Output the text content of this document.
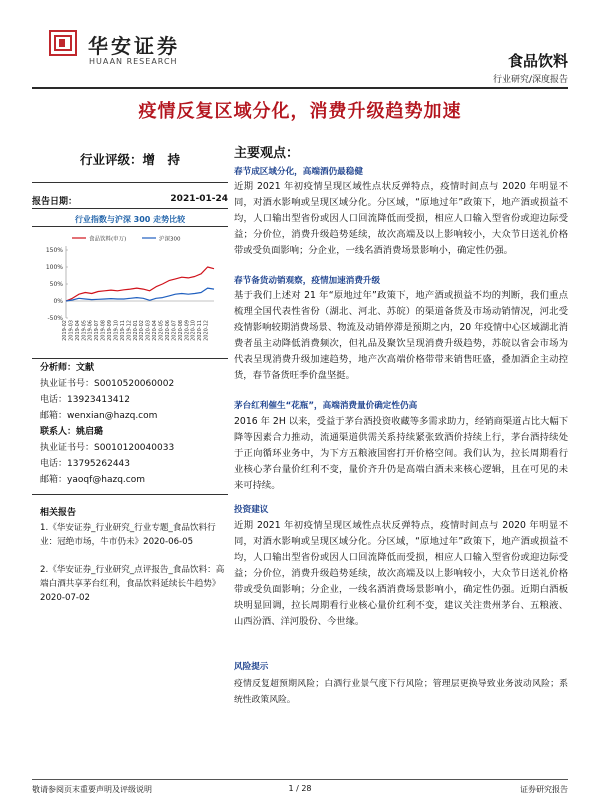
华安证券
HUAAN RESEARCH	食品饮料
行业研究/深度报告
疫情反复区域分化，消费升级趋势加速
行业评级：增　持
报告日期：	2021-01-24
行业指数与沪深 300 走势比较
食品饮料(申万)	沪深300
150%
100%
50%
0%
-50%
2019-02 2019-03 2019-04 2019-05 2019-06 2019-07 2019-08 2019-09 2019-10 2019-11 2019-12 2020-01 2020-02 2020-03 2020-04 2020-05 2020-06 2020-07 2020-08 2020-09 2020-10 2020-11 2020-12
分析师：文献
执业证书号：S0010520060002
电话：13923413412
邮箱：wenxian@hazq.com
联系人：姚启璐
执业证书号：S0010120040033
电话：13795262443
邮箱：yaoqf@hazq.com
相关报告
1.《华安证券_行业研究_行业专题_食品饮料行业：冠绝市场，牛市仍未》2020-06-05
2.《华安证券_行业研究_点评报告_食品饮料：高端白酒共享茅台红利，食品饮料延续长牛趋势》2020-07-02
主要观点：
春节成区域分化，高端酒仍最稳健
近期 2021 年初疫情呈现区域性点状反弹特点，疫情时间点与 2020 年明显不同，对酒水影响或呈现区域分化。分区域，“原地过年”政策下，地产酒或损益不均，人口输出型省份或因人口回流降低而受损，相应人口输入型省份或迎边际受益；分价位，消费升级趋势延续，故次高端及以上影响较小，大众节日送礼价格带或受负面影响；分企业，一线名酒消费场景影响小，确定性仍强。
春节备货动销观察，疫情加速消费升级
基于我们上述对 21 年“原地过年”政策下，地产酒或损益不均的判断，我们重点梳理全国代表性省份（湖北、河北、苏皖）的渠道备货及市场动销情况，河北受疫情影响较期消费场景、物流及动销停滞是预期之内，20 年疫情中心区域湖北消费者虽主动降低消费频次，但礼品及聚饮呈现消费升级趋势，苏皖以省会市场为代表呈现消费升级加速趋势，地产次高端价格带带来销售旺盛，叠加酒企主动控货，春节备货旺季价盘坚挺。
茅台红利催生“花瓶”，高端消费量价确定性仍高
2016 年 2H 以来，受益于茅台酒投资收藏等多需求助力，经销商渠道占比大幅下降等因素合力推动，流通渠道供需关系持续紧张致酒价持续上行，茅台酒持续处于正向循环业务中，为下方五粮液国窖打开价格空间。我们认为，拉长周期看行业核心茅台量价红利不变，量价齐升仍是高端白酒未来核心逻辑，且在可见的未来可持续。
投资建议
近期 2021 年初疫情呈现区域性点状反弹特点，疫情时间点与 2020 年明显不同，对酒水影响或呈现区域分化。分区域，“原地过年”政策下，地产酒或损益不均，人口输出型省份或因人口回流降低而受损，相应人口输入型省份或迎边际受益；分价位，消费升级趋势延续，故次高端及以上影响较小，大众节日送礼价格带或受负面影响；分企业，一线名酒消费场景影响小，确定性仍强。近期白酒板块明显回调，拉长周期看行业核心量价红利不变，建议关注贵州茅台、五粮液、山西汾酒、洋河股份、今世缘。
风险提示
疫情反复超预期风险；白酒行业景气度下行风险；管理层更换导致业务波动风险；系统性政策风险。
敬请参阅页末重要声明及评级说明	1 / 28	证券研究报告
